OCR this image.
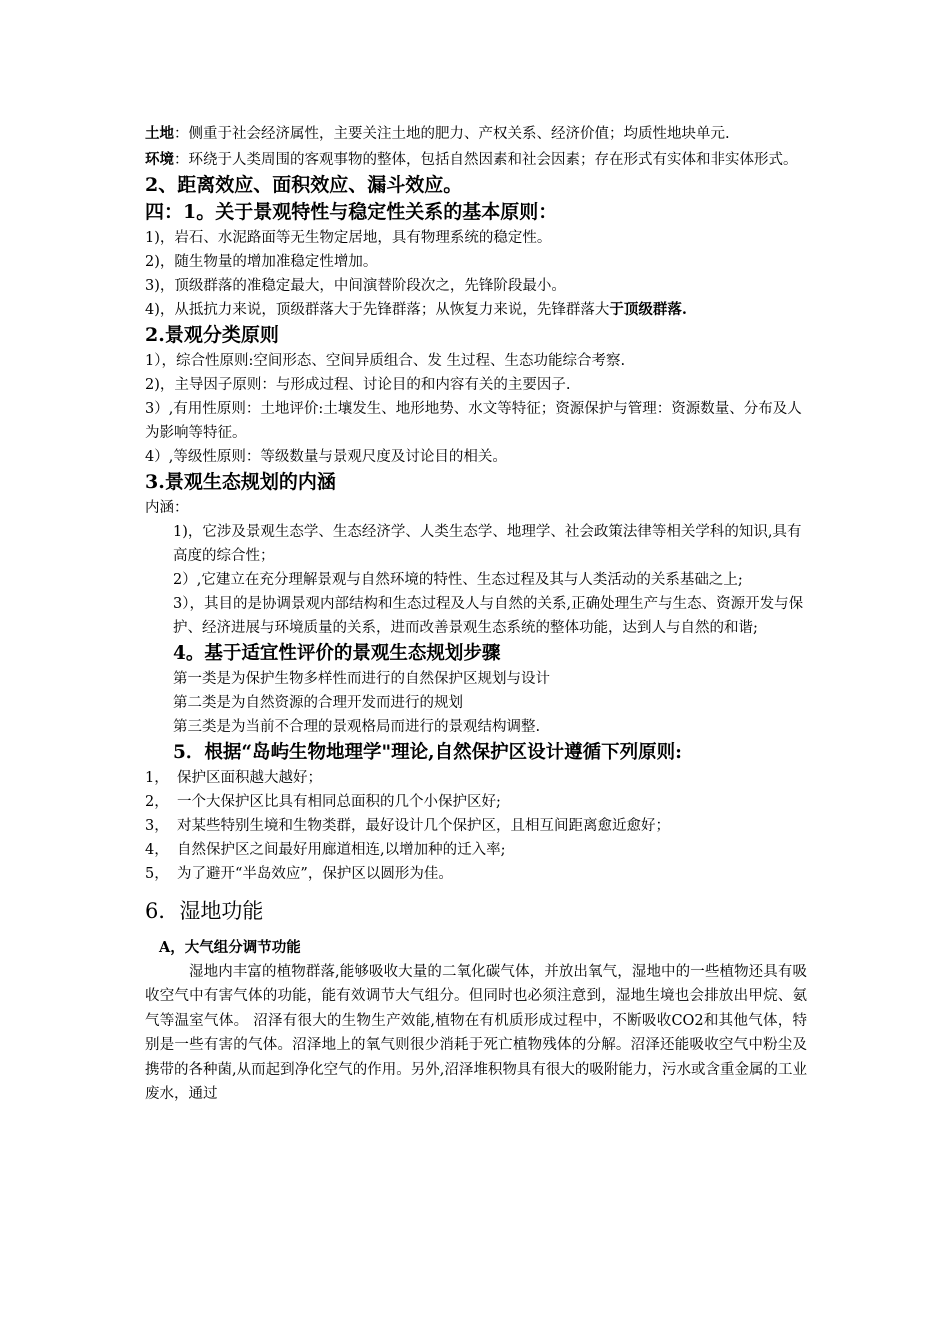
土地：侧重于社会经济属性，主要关注土地的肥力、产权关系、经济价值；均质性地块单元.

环境：环绕于人类周围的客观事物的整体，包括自然因素和社会因素；存在形式有实体和非实体形式。

2、距离效应、面积效应、漏斗效应。

四：1。关于景观特性与稳定性关系的基本原则：

1)，岩石、水泥路面等无生物定居地，具有物理系统的稳定性。

2)，随生物量的增加准稳定性增加。

3)，顶级群落的准稳定最大，中间演替阶段次之，先锋阶段最小。

4)，从抵抗力来说，顶级群落大于先锋群落；从恢复力来说，先锋群落大于顶级群落.

2.景观分类原则

1），综合性原则:空间形态、空间异质组合、发 生过程、生态功能综合考察.

2)，主导因子原则：与形成过程、讨论目的和内容有关的主要因子.

3）,有用性原则：土地评价:土壤发生、地形地势、水文等特征；资源保护与管理：资源数量、分布及人为影响等特征。

4）,等级性原则：等级数量与景观尺度及讨论目的相关。

3.景观生态规划的内涵

内涵：

1)，它涉及景观生态学、生态经济学、人类生态学、地理学、社会政策法律等相关学科的知识,具有高度的综合性；

2）,它建立在充分理解景观与自然环境的特性、生态过程及其与人类活动的关系基础之上;

3），其目的是协调景观内部结构和生态过程及人与自然的关系,正确处理生产与生态、资源开发与保护、经济进展与环境质量的关系，进而改善景观生态系统的整体功能，达到人与自然的和谐;

4。基于适宜性评价的景观生态规划步骤

第一类是为保护生物多样性而进行的自然保护区规划与设计

第二类是为自然资源的合理开发而进行的规划

第三类是为当前不合理的景观格局而进行的景观结构调整.

5．根据“岛屿生物地理学"理论,自然保护区设计遵循下列原则:

1， 保护区面积越大越好；

2， 一个大保护区比具有相同总面积的几个小保护区好;

3， 对某些特别生境和生物类群，最好设计几个保护区，且相互间距离愈近愈好；

4， 自然保护区之间最好用廊道相连,以增加种的迁入率;

5， 为了避开“半岛效应”，保护区以圆形为佳。

6．湿地功能

A，大气组分调节功能

湿地内丰富的植物群落,能够吸收大量的二氧化碳气体，并放出氧气，湿地中的一些植物还具有吸收空气中有害气体的功能，能有效调节大气组分。但同时也必须注意到，湿地生境也会排放出甲烷、氨气等温室气体。 沼泽有很大的生物生产效能,植物在有机质形成过程中，不断吸收CO2和其他气体，特别是一些有害的气体。沼泽地上的氧气则很少消耗于死亡植物残体的分解。沼泽还能吸收空气中粉尘及携带的各种菌,从而起到净化空气的作用。另外,沼泽堆积物具有很大的吸附能力，污水或含重金属的工业废水，通过
